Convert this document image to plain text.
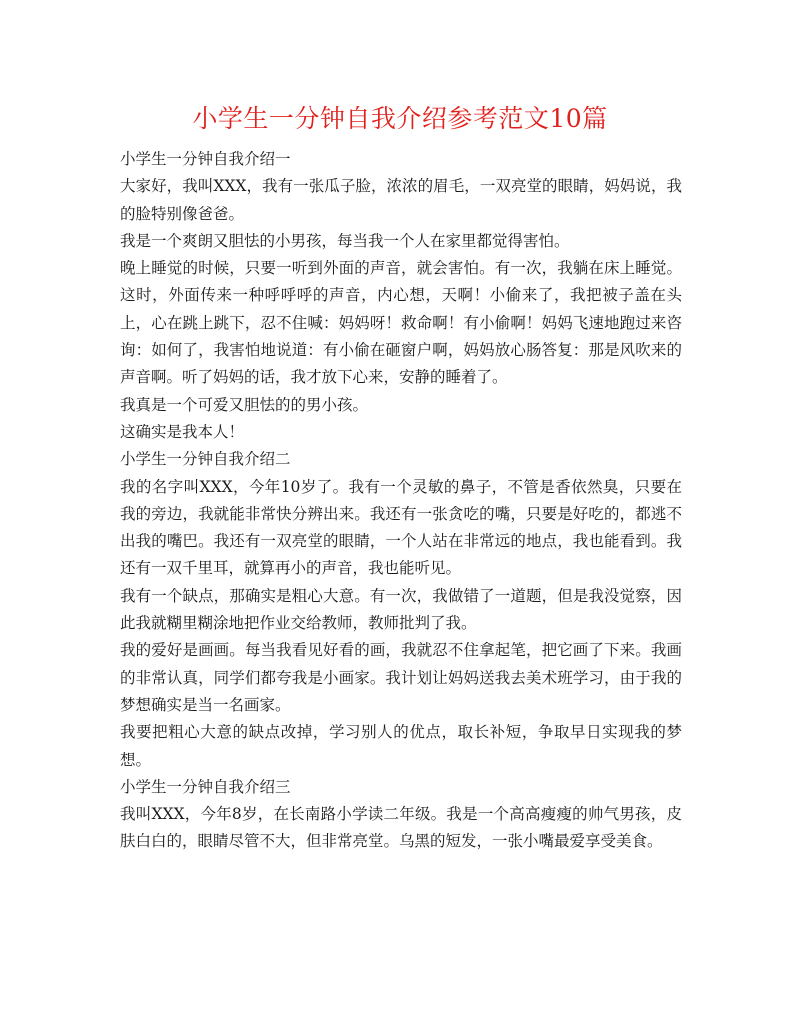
小学生一分钟自我介绍参考范文10篇

小学生一分钟自我介绍一

大家好，我叫XXX，我有一张瓜子脸，浓浓的眉毛，一双亮堂的眼睛，妈妈说，我的脸特别像爸爸。

我是一个爽朗又胆怯的小男孩，每当我一个人在家里都觉得害怕。

晚上睡觉的时候，只要一听到外面的声音，就会害怕。有一次，我躺在床上睡觉。这时，外面传来一种呼呼呼的声音，内心想，天啊！小偷来了，我把被子盖在头上，心在跳上跳下，忍不住喊：妈妈呀！救命啊！有小偷啊！妈妈飞速地跑过来咨询：如何了，我害怕地说道：有小偷在砸窗户啊，妈妈放心肠答复：那是风吹来的声音啊。听了妈妈的话，我才放下心来，安静的睡着了。

我真是一个可爱又胆怯的的男小孩。

这确实是我本人！

小学生一分钟自我介绍二

我的名字叫XXX，今年10岁了。我有一个灵敏的鼻子，不管是香依然臭，只要在我的旁边，我就能非常快分辨出来。我还有一张贪吃的嘴，只要是好吃的，都逃不出我的嘴巴。我还有一双亮堂的眼睛，一个人站在非常远的地点，我也能看到。我还有一双千里耳，就算再小的声音，我也能听见。

我有一个缺点，那确实是粗心大意。有一次，我做错了一道题，但是我没觉察，因此我就糊里糊涂地把作业交给教师，教师批判了我。

我的爱好是画画。每当我看见好看的画，我就忍不住拿起笔，把它画了下来。我画的非常认真，同学们都夸我是小画家。我计划让妈妈送我去美术班学习，由于我的梦想确实是当一名画家。

我要把粗心大意的缺点改掉，学习别人的优点，取长补短，争取早日实现我的梦想。

小学生一分钟自我介绍三

我叫XXX，今年8岁，在长南路小学读二年级。我是一个高高瘦瘦的帅气男孩，皮肤白白的，眼睛尽管不大，但非常亮堂。乌黑的短发，一张小嘴最爱享受美食。
